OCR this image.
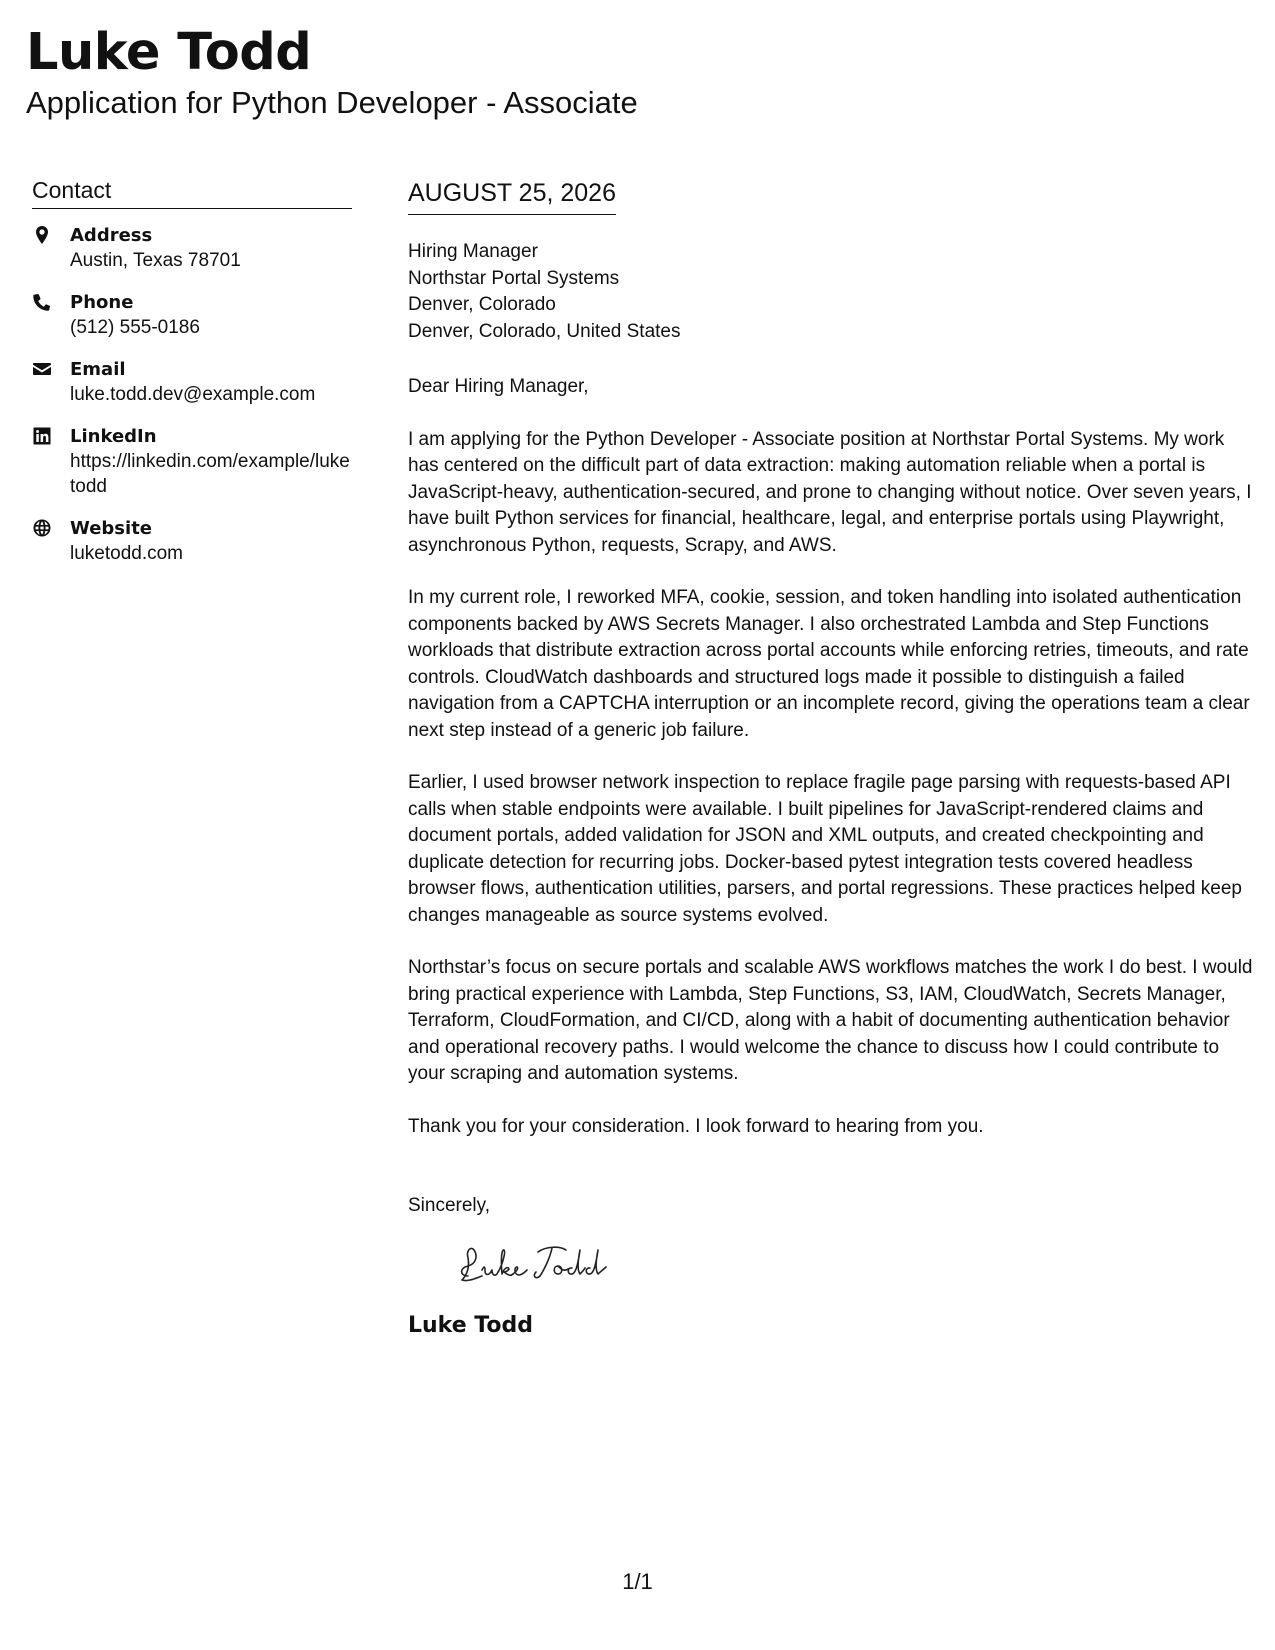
Luke Todd
Application for Python Developer - Associate
Contact
Address
Austin, Texas 78701
Phone
(512) 555-0186
Email
luke.todd.dev@example.com
LinkedIn
https://linkedin.com/example/luketodd
Website
luketodd.com
AUGUST 25, 2026

Hiring Manager

Northstar Portal Systems

Denver, Colorado

Denver, Colorado, United States

Dear Hiring Manager,

I am applying for the Python Developer - Associate position at Northstar Portal Systems. My work has centered on the difficult part of data extraction: making automation reliable when a portal is JavaScript-heavy, authentication-secured, and prone to changing without notice. Over seven years, I have built Python services for financial, healthcare, legal, and enterprise portals using Playwright, asynchronous Python, requests, Scrapy, and AWS.

In my current role, I reworked MFA, cookie, session, and token handling into isolated authentication components backed by AWS Secrets Manager. I also orchestrated Lambda and Step Functions workloads that distribute extraction across portal accounts while enforcing retries, timeouts, and rate controls. CloudWatch dashboards and structured logs made it possible to distinguish a failed navigation from a CAPTCHA interruption or an incomplete record, giving the operations team a clear next step instead of a generic job failure.

Earlier, I used browser network inspection to replace fragile page parsing with requests-based API calls when stable endpoints were available. I built pipelines for JavaScript-rendered claims and document portals, added validation for JSON and XML outputs, and created checkpointing and duplicate detection for recurring jobs. Docker-based pytest integration tests covered headless browser flows, authentication utilities, parsers, and portal regressions. These practices helped keep changes manageable as source systems evolved.

Northstar’s focus on secure portals and scalable AWS workflows matches the work I do best. I would bring practical experience with Lambda, Step Functions, S3, IAM, CloudWatch, Secrets Manager, Terraform, CloudFormation, and CI/CD, along with a habit of documenting authentication behavior and operational recovery paths. I would welcome the chance to discuss how I could contribute to your scraping and automation systems.

Thank you for your consideration. I look forward to hearing from you.

Sincerely,

Luke Todd
1/1
